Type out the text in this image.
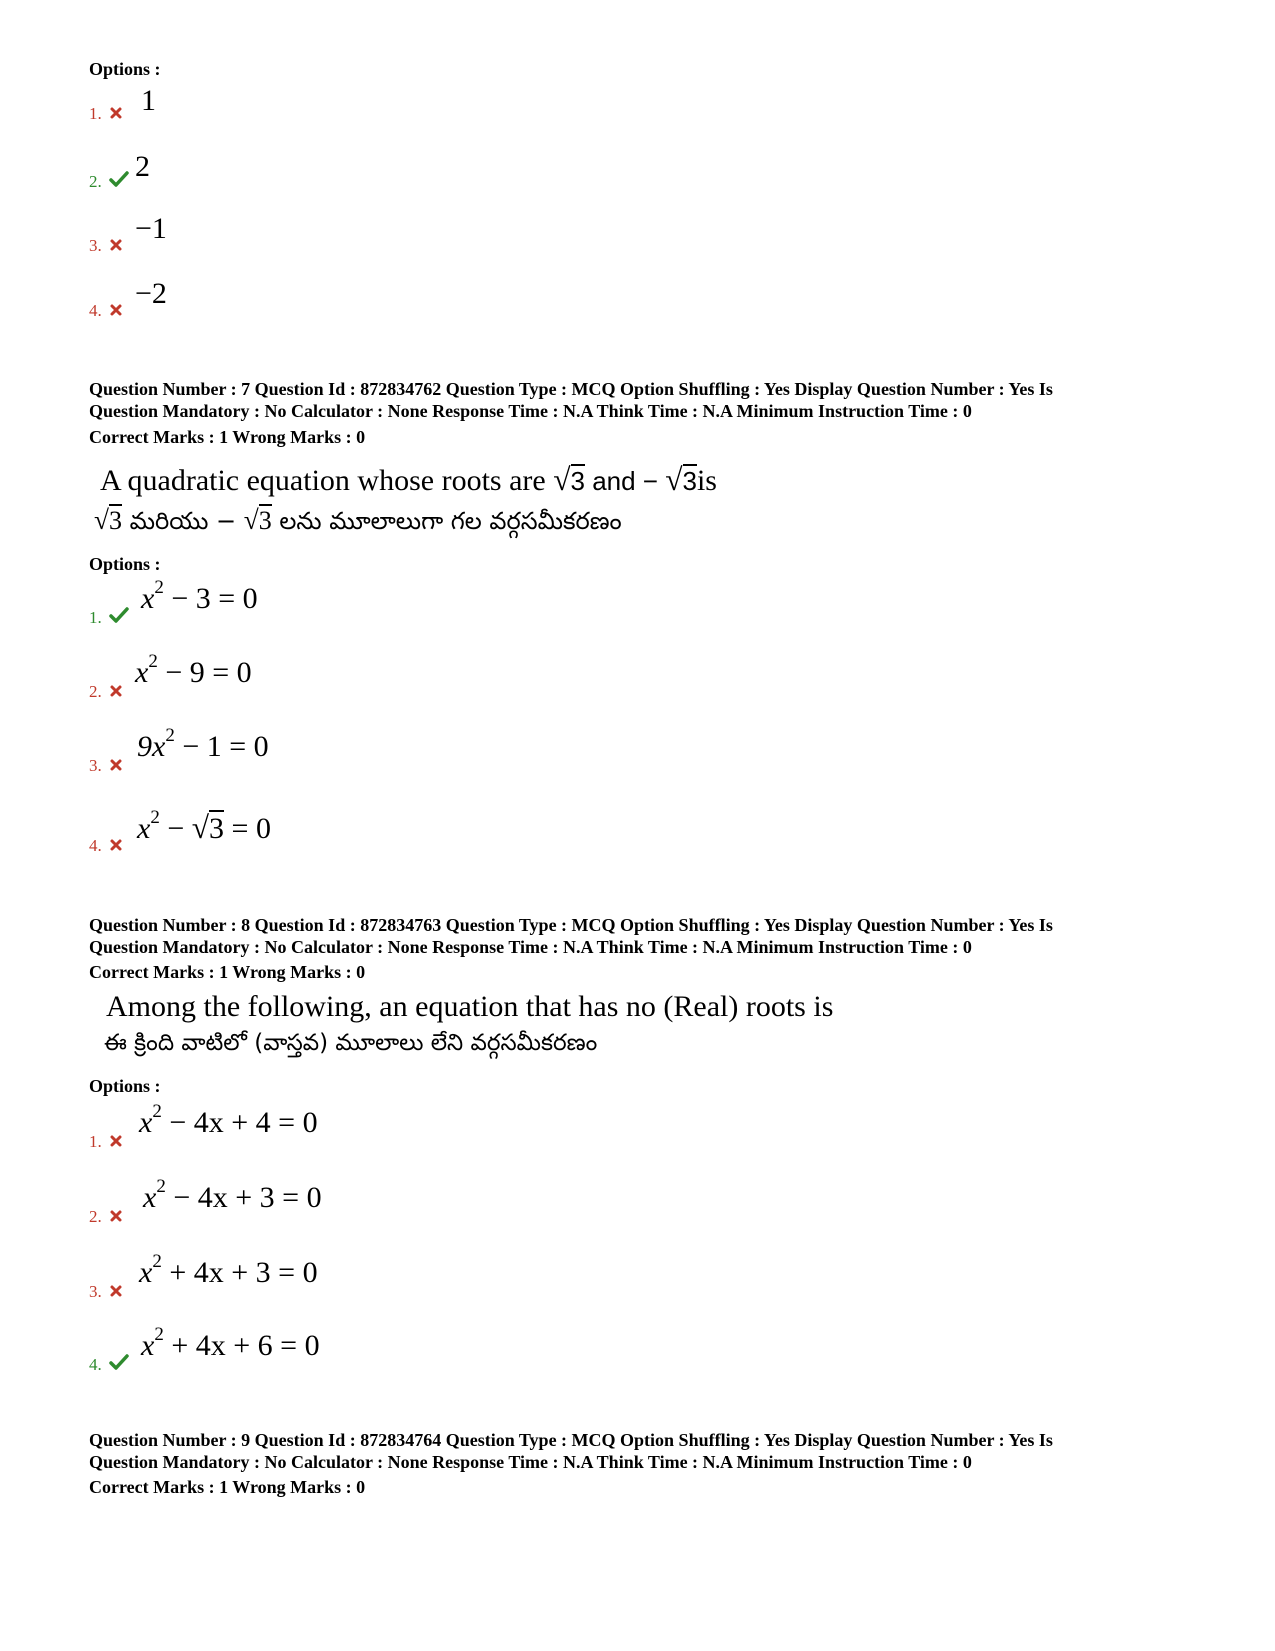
Options :
1. 1
2. 2
3.
−1
4.
−2
Question Number : 7 Question Id : 872834762 Question Type : MCQ Option Shuffling : Yes Display Question Number : Yes Is
Question Mandatory : No Calculator : None Response Time : N.A Think Time : N.A Minimum Instruction Time : 0
Correct Marks : 1 Wrong Marks : 0
A quadratic equation whose roots are √3 and − √3is
√3 మరియు − √3 లను మూలాలుగా గల వర్గసమీకరణం
Options :
1.
$x^2 - 3 = 0$
2.
$x^2 - 9 = 0$
3.
$9x^2 - 1 = 0$
4.
$x^2 - √3 = 0$
Question Number : 8 Question Id : 872834763 Question Type : MCQ Option Shuffling : Yes Display Question Number : Yes Is
Question Mandatory : No Calculator : None Response Time : N.A Think Time : N.A Minimum Instruction Time : 0
Correct Marks : 1 Wrong Marks : 0
Among the following, an equation that has no (Real) roots is
ఈ క్రింది వాటిలో (వాస్తవ) మూలాలు లేని వర్గసమీకరణం
Options :
1.
$x^2 - 4x + 4 = 0$
2.
$x^2 - 4x + 3 = 0$
3.
$x^2 + 4x + 3 = 0$
4.
$x^2 + 4x + 6 = 0$
Question Number : 9 Question Id : 872834764 Question Type : MCQ Option Shuffling : Yes Display Question Number : Yes Is
Question Mandatory : No Calculator : None Response Time : N.A Think Time : N.A Minimum Instruction Time : 0
Correct Marks : 1 Wrong Marks : 0
